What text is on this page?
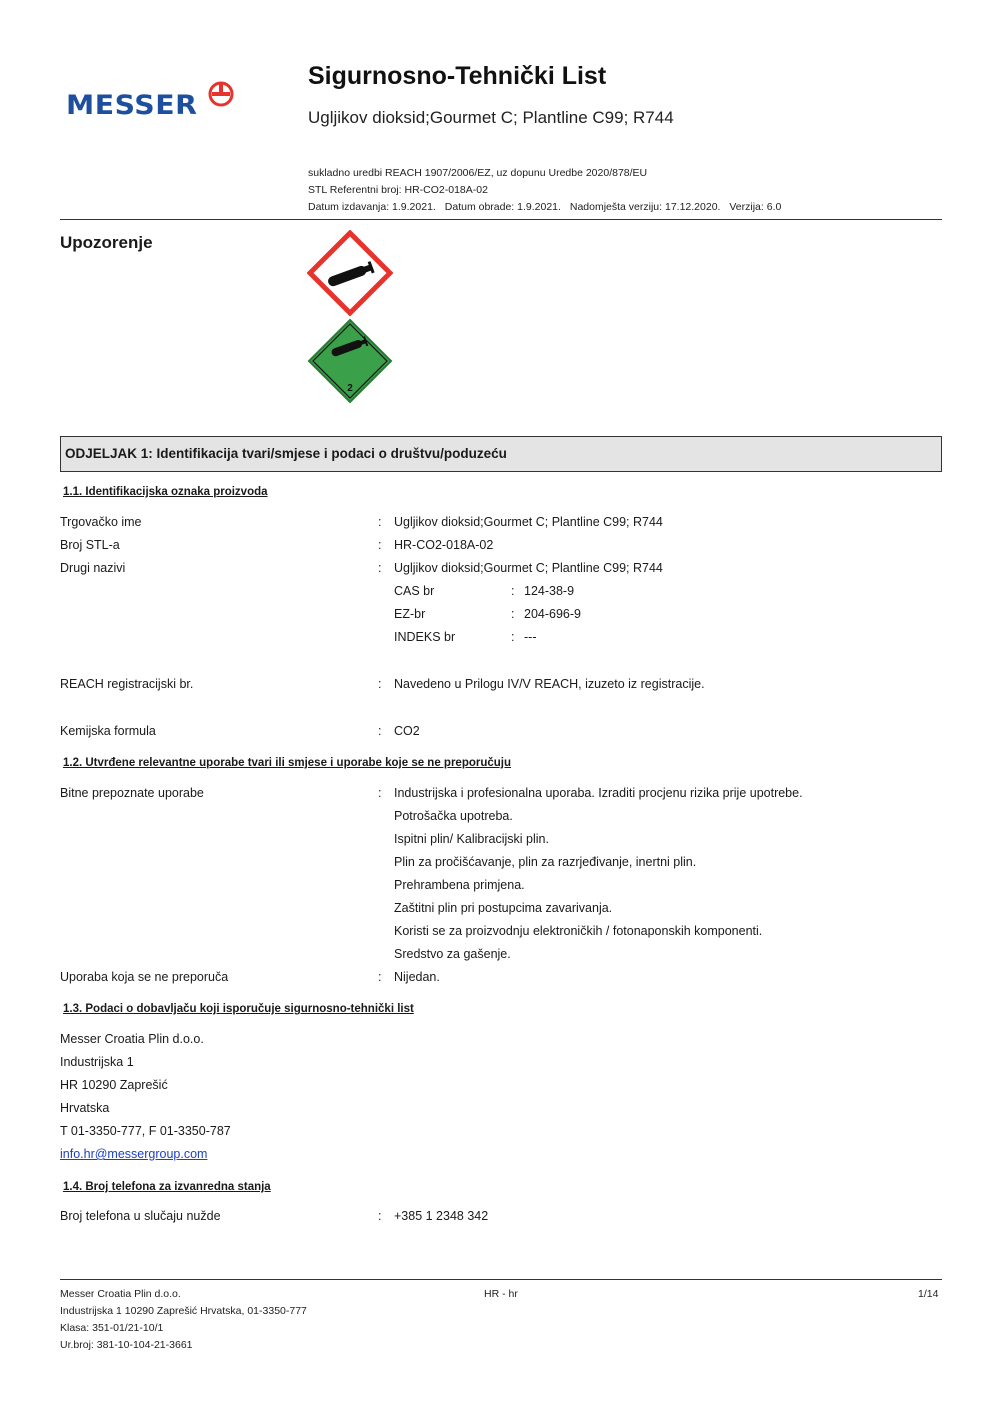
MESSER
Sigurnosno-Tehnički List
Ugljikov dioksid;Gourmet C; Plantline C99; R744
sukladno uredbi REACH 1907/2006/EZ, uz dopunu Uredbe 2020/878/EU
STL Referentni broj: HR-CO2-018A-02
Datum izdavanja: 1.9.2021. Datum obrade: 1.9.2021. Nadomješta verziju: 17.12.2020. Verzija: 6.0
Upozorenje
2
ODJELJAK 1: Identifikacija tvari/smjese i podaci o društvu/poduzeću
1.1. Identifikacijska oznaka proizvoda
Trgovačko ime	: Ugljikov dioksid;Gourmet C; Plantline C99; R744
Broj STL-a	: HR-CO2-018A-02
Drugi nazivi	: Ugljikov dioksid;Gourmet C; Plantline C99; R744
CAS br	: 124-38-9
EZ-br	: 204-696-9
INDEKS br	: ---
REACH registracijski br.	: Navedeno u Prilogu IV/V REACH, izuzeto iz registracije.
Kemijska formula	: CO2
1.2. Utvrđene relevantne uporabe tvari ili smjese i uporabe koje se ne preporučuju
Bitne prepoznate uporabe	: Industrijska i profesionalna uporaba. Izraditi procjenu rizika prije upotrebe.
Potrošačka upotreba.
Ispitni plin/ Kalibracijski plin.
Plin za pročišćavanje, plin za razrjeđivanje, inertni plin.
Prehrambena primjena.
Zaštitni plin pri postupcima zavarivanja.
Koristi se za proizvodnju elektroničkih / fotonaponskih komponenti.
Sredstvo za gašenje.
Uporaba koja se ne preporuča	: Nijedan.
1.3. Podaci o dobavljaču koji isporučuje sigurnosno-tehnički list
Messer Croatia Plin d.o.o.
Industrijska 1
HR 10290 Zaprešić
Hrvatska
T 01-3350-777, F 01-3350-787
info.hr@messergroup.com
1.4. Broj telefona za izvanredna stanja
Broj telefona u slučaju nužde	: +385 1 2348 342
Messer Croatia Plin d.o.o.
Industrijska 1 10290 Zaprešić Hrvatska, 01-3350-777
Klasa: 351-01/21-10/1
Ur.broj: 381-10-104-21-3661
HR - hr	1/14
